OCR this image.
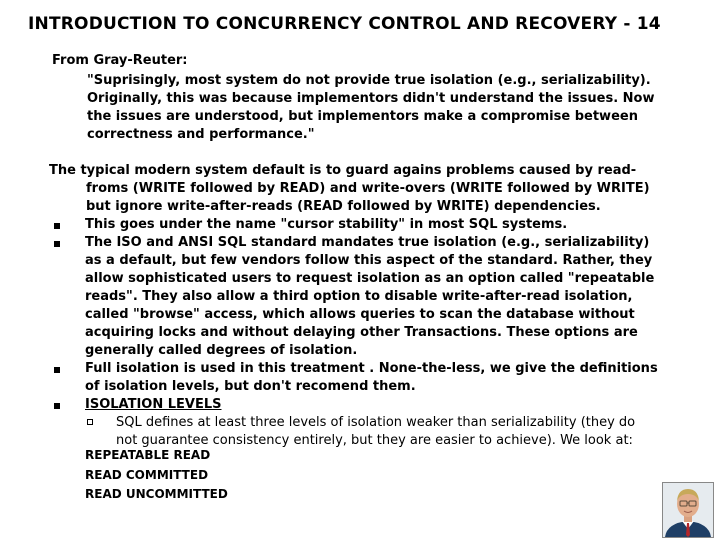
INTRODUCTION TO CONCURRENCY CONTROL AND RECOVERY - 14
From Gray-Reuter:
"Suprisingly, most system do not provide true isolation (e.g., serializability).
Originally, this was because implementors didn't understand the issues. Now
the issues are understood, but implementors make a compromise between
correctness and performance."
The typical modern system default is to guard agains problems caused by read-
froms (WRITE followed by READ) and write-overs (WRITE followed by WRITE)
but ignore write-after-reads (READ followed by WRITE) dependencies.
This goes under the name "cursor stability" in most SQL systems.
The ISO and ANSI SQL standard mandates true isolation (e.g., serializability)
as a default, but few vendors follow this aspect of the standard. Rather, they
allow sophisticated users to request isolation as an option called "repeatable
reads". They also allow a third option to disable write-after-read isolation,
called "browse" access, which allows queries to scan the database without
acquiring locks and without delaying other Transactions. These options are
generally called degrees of isolation.
Full isolation is used in this treatment . None-the-less, we give the definitions
of isolation levels, but don't recomend them.
ISOLATION LEVELS
SQL defines at least three levels of isolation weaker than serializability (they do
not guarantee consistency entirely, but they are easier to achieve). We look at:
REPEATABLE READ
READ COMMITTED
READ UNCOMMITTED
